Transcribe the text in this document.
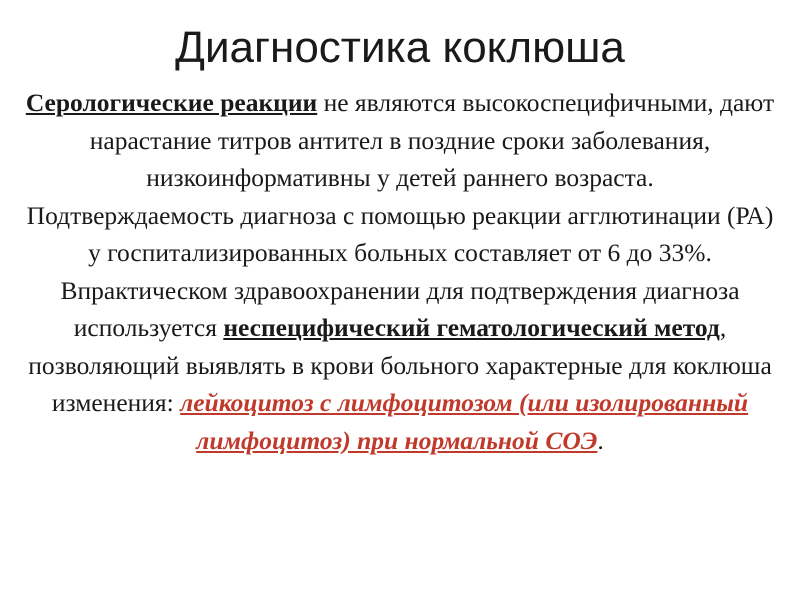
Диагностика коклюша

Серологические реакции не являются высокоспецифичными, дают нарастание титров антител в поздние сроки заболевания, низкоинформативны у детей раннего возраста.

Подтверждаемость диагноза с помощью реакции агглютинации (РА) у госпитализированных больных составляет от 6 до 33%.

Впрактическом здравоохранении для подтверждения диагноза используется неспецифический гематологический метод, позволяющий выявлять в крови больного характерные для коклюша изменения: лейкоцитоз с лимфоцитозом (или изолированный лимфоцитоз) при нормальной СОЭ.
